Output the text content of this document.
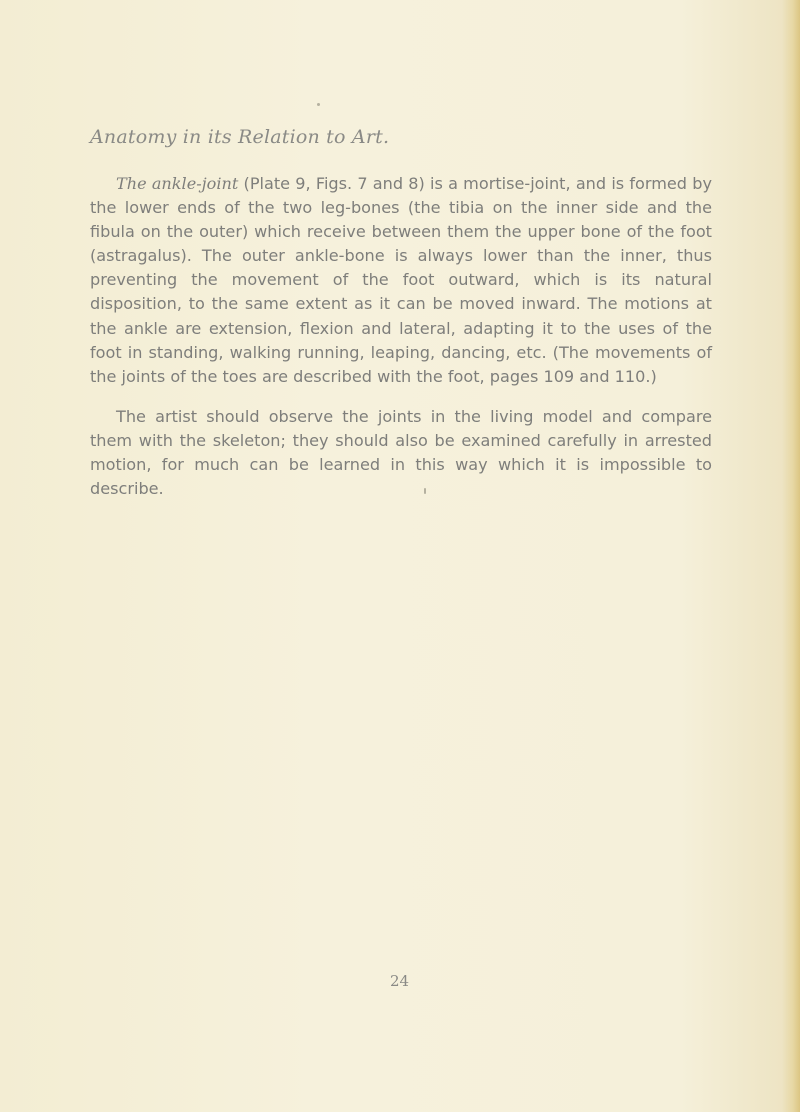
Anatomy in its Relation to Art.

The ankle-joint (Plate 9, Figs. 7 and 8) is a mortise-joint, and is formed by the lower ends of the two leg-bones (the tibia on the inner side and the fibula on the outer) which receive between them the upper bone of the foot (astragalus). The outer ankle-bone is always lower than the inner, thus preventing the movement of the foot outward, which is its natural disposition, to the same extent as it can be moved inward. The motions at the ankle are extension, flexion and lateral, adapting it to the uses of the foot in standing, walking running, leaping, dancing, etc. (The movements of the joints of the toes are described with the foot, pages 109 and 110.)

The artist should observe the joints in the living model and compare them with the skeleton; they should also be examined carefully in arrested motion, for much can be learned in this way which it is impossible to describe.

24
